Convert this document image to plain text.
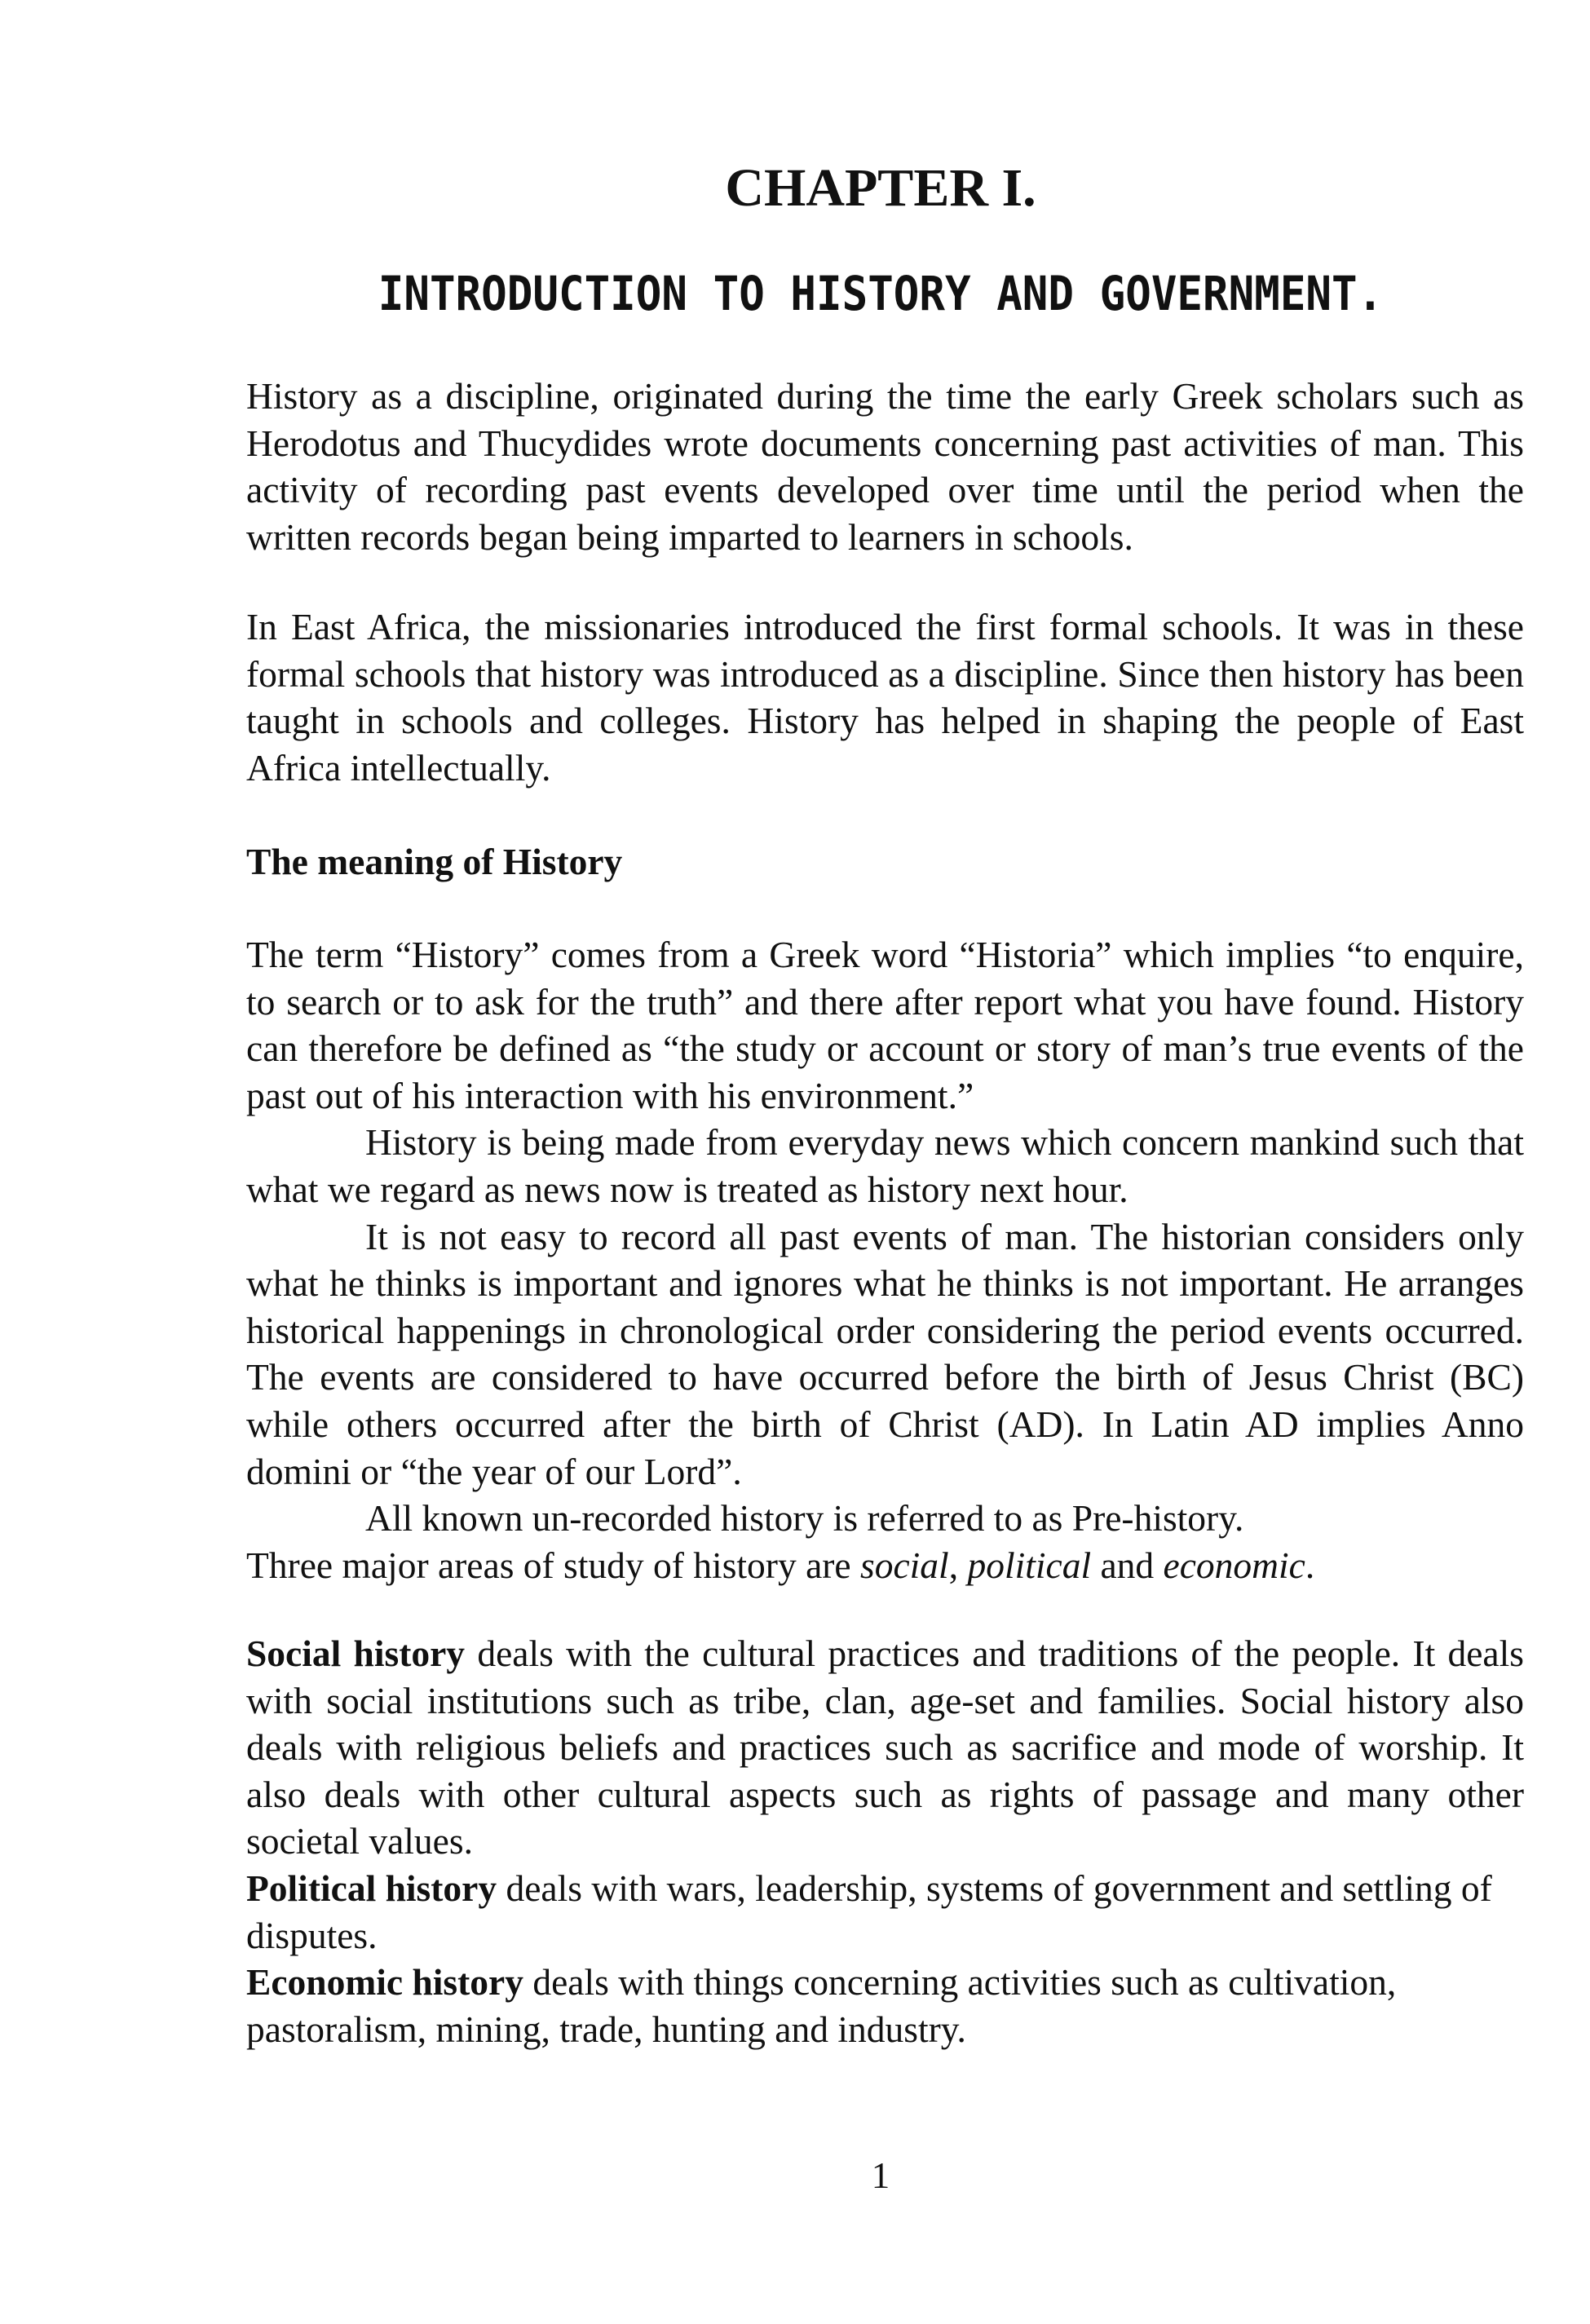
CHAPTER I.
INTRODUCTION TO HISTORY AND GOVERNMENT.

History as a discipline, originated during the time the early Greek scholars such as Herodotus and Thucydides wrote documents concerning past activities of man. This activity of recording past events developed over time until the period when the written records began being imparted to learners in schools.

In East Africa, the missionaries introduced the first formal schools. It was in these formal schools that history was introduced as a discipline. Since then history has been taught in schools and colleges. History has helped in shaping the people of East Africa intellectually.

The meaning of History

The term “History” comes from a Greek word “Historia” which implies “to enquire, to search or to ask for the truth” and there after report what you have found. History can therefore be defined as “the study or account or story of man’s true events of the past out of his interaction with his environment.”

History is being made from everyday news which concern mankind such that what we regard as news now is treated as history next hour.

It is not easy to record all past events of man. The historian considers only what he thinks is important and ignores what he thinks is not important. He arranges historical happenings in chronological order considering the period events occurred. The events are considered to have occurred before the birth of Jesus Christ (BC) while others occurred after the birth of Christ (AD). In Latin AD implies Anno domini or “the year of our Lord”.

All known un-recorded history is referred to as Pre-history.

Three major areas of study of history are social, political and economic.

Social history deals with the cultural practices and traditions of the people. It deals with social institutions such as tribe, clan, age-set and families. Social history also deals with religious beliefs and practices such as sacrifice and mode of worship. It also deals with other cultural aspects such as rights of passage and many other societal values.

Political history deals with wars, leadership, systems of government and settling of disputes.

Economic history deals with things concerning activities such as cultivation, pastoralism, mining, trade, hunting and industry.

1
